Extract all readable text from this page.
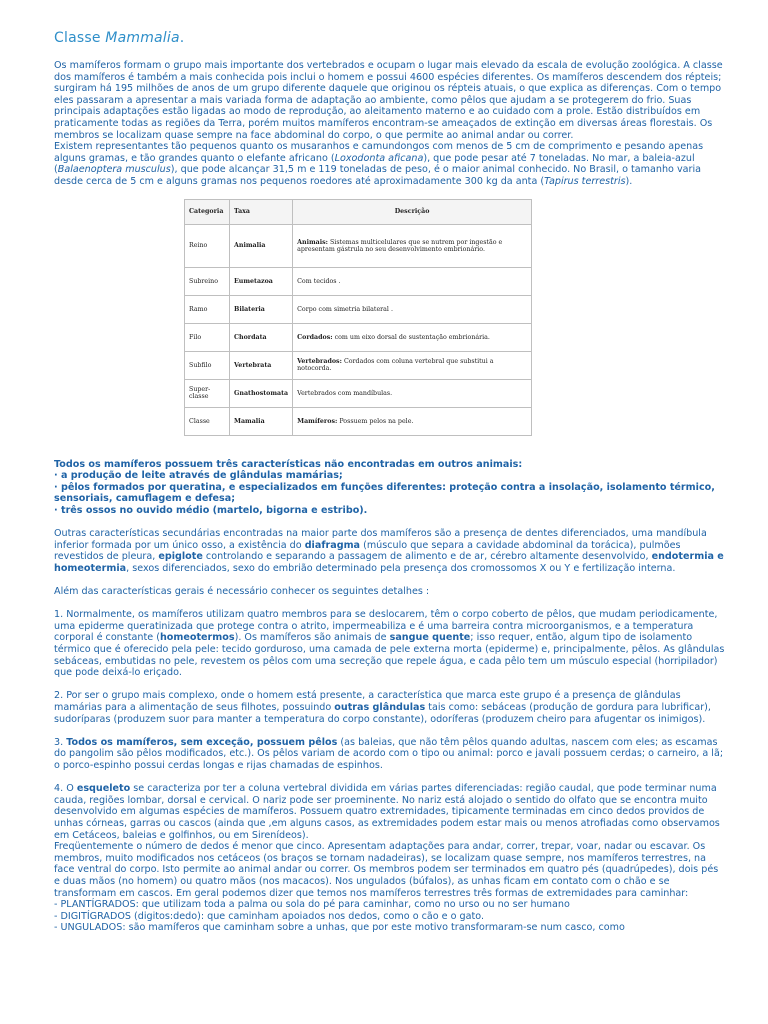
Classe Mammalia.

Os mamíferos formam o grupo mais importante dos vertebrados e ocupam o lugar mais elevado da escala de evolução zoológica. A classe dos mamíferos é também a mais conhecida pois inclui o homem e possui 4600 espécies diferentes. Os mamíferos descendem dos répteis; surgiram há 195 milhões de anos de um grupo diferente daquele que originou os répteis atuais, o que explica as diferenças. Com o tempo eles passaram a apresentar a mais variada forma de adaptação ao ambiente, como pêlos que ajudam a se protegerem do frio. Suas principais adaptações estão ligadas ao modo de reprodução, ao aleitamento materno e ao cuidado com a prole. Estão distribuídos em praticamente todas as regiões da Terra, porém muitos mamíferos encontram-se ameaçados de extinção em diversas áreas florestais. Os membros se localizam quase sempre na face abdominal do corpo, o que permite ao animal andar ou correr.

Existem representantes tão pequenos quanto os musaranhos e camundongos com menos de 5 cm de comprimento e pesando apenas alguns gramas, e tão grandes quanto o elefante africano (Loxodonta aficana), que pode pesar até 7 toneladas. No mar, a baleia-azul (Balaenoptera musculus), que pode alcançar 31,5 m e 119 toneladas de peso, é o maior animal conhecido. No Brasil, o tamanho varia desde cerca de 5 cm e alguns gramas nos pequenos roedores até aproximadamente 300 kg da anta (Tapirus terrestris).

Categoria	Taxa	Descrição
Reino	Animalia	Animais: Sistemas multicelulares que se nutrem por ingestão e apresentam gástrula no seu desenvolvimento embrionário.
Subreino	Eumetazoa	Com tecidos .
Ramo	Bilateria	Corpo com simetria bilateral .
Filo	Chordata	Cordados: com um eixo dorsal de sustentação embrionária.
Subfilo	Vertebrata	Vertebrados: Cordados com coluna vertebral que substitui a notocorda.
Super-classe	Gnathostomata	Vertebrados com mandíbulas.
Classe	Mamalia	Mamíferos: Possuem pelos na pele.

Todos os mamíferos possuem três características não encontradas em outros animais:

· a produção de leite através de glândulas mamárias;

· pêlos formados por queratina, e especializados em funções diferentes: proteção contra a insolação, isolamento térmico, sensoriais, camuflagem e defesa;

· três ossos no ouvido médio (martelo, bigorna e estribo).

Outras características secundárias encontradas na maior parte dos mamíferos são a presença de dentes diferenciados, uma mandíbula inferior formada por um único osso, a existência do diafragma (músculo que separa a cavidade abdominal da torácica), pulmões revestidos de pleura, epiglote controlando e separando a passagem de alimento e de ar, cérebro altamente desenvolvido, endotermia e homeotermia, sexos diferenciados, sexo do embrião determinado pela presença dos cromossomos X ou Y e fertilização interna.

Além das características gerais é necessário conhecer os seguintes detalhes :

1. Normalmente, os mamíferos utilizam quatro membros para se deslocarem, têm o corpo coberto de pêlos, que mudam periodicamente, uma epiderme queratinizada que protege contra o atrito, impermeabiliza e é uma barreira contra microorganismos, e a temperatura corporal é constante (homeotermos). Os mamíferos são animais de sangue quente; isso requer, então, algum tipo de isolamento térmico que é oferecido pela pele: tecido gorduroso, uma camada de pele externa morta (epiderme) e, principalmente, pêlos. As glândulas sebáceas, embutidas no pele, revestem os pêlos com uma secreção que repele água, e cada pêlo tem um músculo especial (horripilador) que pode deixá-lo eriçado.

2. Por ser o grupo mais complexo, onde o homem está presente, a característica que marca este grupo é a presença de glândulas mamárias para a alimentação de seus filhotes, possuindo outras glândulas tais como: sebáceas (produção de gordura para lubrificar), sudoríparas (produzem suor para manter a temperatura do corpo constante), odoríferas (produzem cheiro para afugentar os inimigos).

3. Todos os mamíferos, sem exceção, possuem pêlos (as baleias, que não têm pêlos quando adultas, nascem com eles; as escamas do pangolim são pêlos modificados, etc.). Os pêlos variam de acordo com o tipo ou animal: porco e javali possuem cerdas; o carneiro, a lã; o porco-espinho possui cerdas longas e rijas chamadas de espinhos.

4. O esqueleto se caracteriza por ter a coluna vertebral dividida em várias partes diferenciadas: região caudal, que pode terminar numa cauda, regiões lombar, dorsal e cervical. O nariz pode ser proeminente. No nariz está alojado o sentido do olfato que se encontra muito desenvolvido em algumas espécies de mamíferos. Possuem quatro extremidades, tipicamente terminadas em cinco dedos providos de unhas córneas, garras ou cascos (ainda que ,em alguns casos, as extremidades podem estar mais ou menos atrofiadas como observamos em Cetáceos, baleias e golfinhos, ou em Sirenídeos).

Freqüentemente o número de dedos é menor que cinco. Apresentam adaptações para andar, correr, trepar, voar, nadar ou escavar. Os membros, muito modificados nos cetáceos (os braços se tornam nadadeiras), se localizam quase sempre, nos mamíferos terrestres, na face ventral do corpo. Isto permite ao animal andar ou correr. Os membros podem ser terminados em quatro pés (quadrúpedes), dois pés e duas mãos (no homem) ou quatro mãos (nos macacos). Nos ungulados (búfalos), as unhas ficam em contato com o chão e se transformam em cascos. Em geral podemos dizer que temos nos mamíferos terrestres três formas de extremidades para caminhar:

- PLANTÍGRADOS: que utilizam toda a palma ou sola do pé para caminhar, como no urso ou no ser humano

- DIGITÍGRADOS (digitos:dedo): que caminham apoiados nos dedos, como o cão e o gato.

- UNGULADOS: são mamíferos que caminham sobre a unhas, que por este motivo transformaram-se num casco, como
